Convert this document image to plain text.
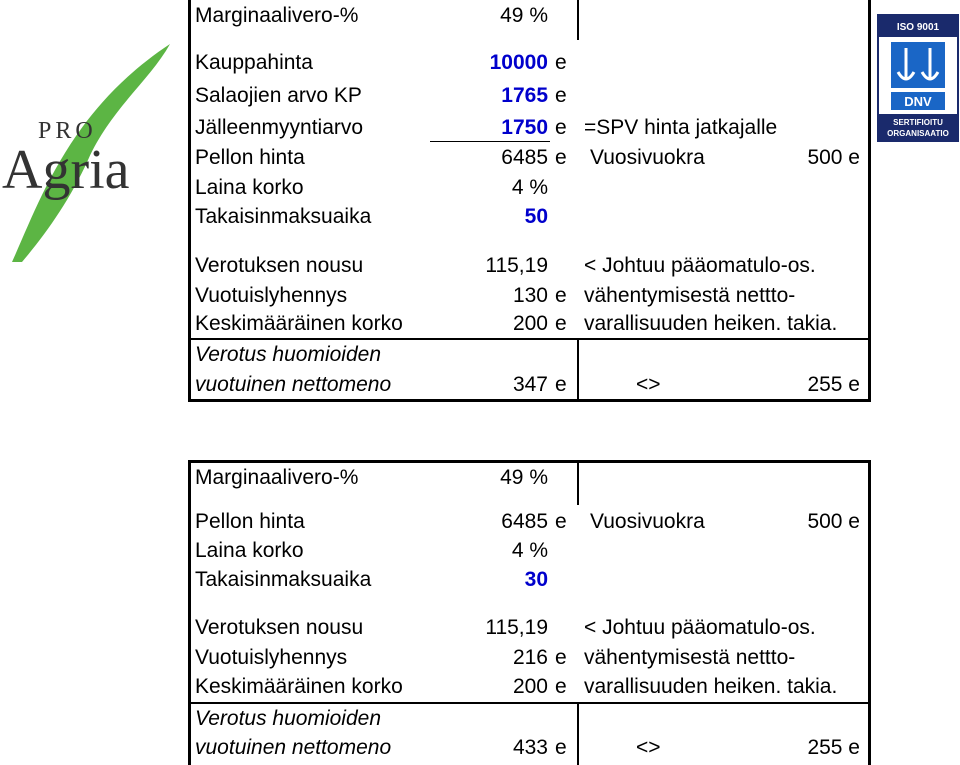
PRO
Agria
ISO 9001
DNV
SERTIFIOITU
ORGANISAATIO
Marginaalivero-%	49 %
Kauppahinta	10000 e
Salaojien arvo KP	1765 e
Jälleenmyyntiarvo	1750 e =SPV hinta jatkajalle
Pellon hinta	6485 e Vuosivuokra	500 e
Laina korko	4 %
Takaisinmaksuaika	50
Verotuksen nousu	115,19 < Johtuu pääomatulo-os.
Vuotuislyhennys	130 e vähentymisestä nettto-
Keskimääräinen korko	200 e varallisuuden heiken. takia.
Verotus huomioiden
vuotuinen nettomeno	347 e	<>	255 e
Marginaalivero-%	49 %
Pellon hinta	6485 e Vuosivuokra	500 e
Laina korko	4 %
Takaisinmaksuaika	30
Verotuksen nousu	115,19 < Johtuu pääomatulo-os.
Vuotuislyhennys	216 e vähentymisestä nettto-
Keskimääräinen korko	200 e varallisuuden heiken. takia.
Verotus huomioiden
vuotuinen nettomeno	433 e	<>	255 e
